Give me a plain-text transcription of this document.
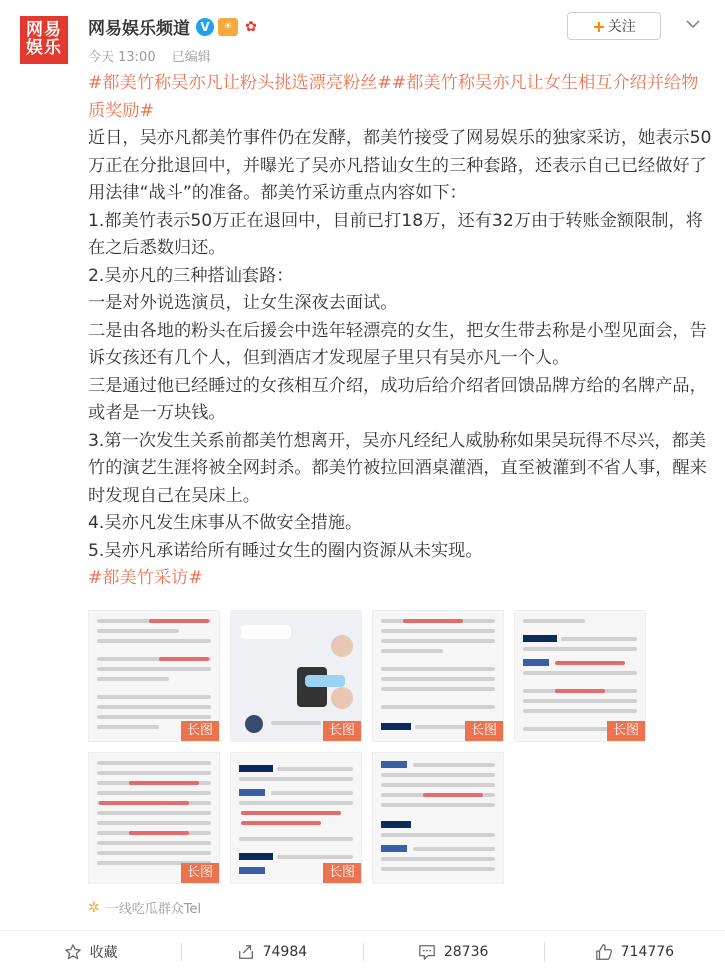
网易
娱乐
网易娱乐频道 V	☀ ✿
今天 13:00 已编辑
+ 关注

#都美竹称吴亦凡让粉头挑选漂亮粉丝##都美竹称吴亦凡让女生相互介绍并给物质奖励#

近日，吴亦凡都美竹事件仍在发酵，都美竹接受了网易娱乐的独家采访，她表示50万正在分批退回中，并曝光了吴亦凡搭讪女生的三种套路，还表示自己已经做好了用法律“战斗”的准备。都美竹采访重点内容如下：

1.都美竹表示50万正在退回中，目前已打18万，还有32万由于转账金额限制，将在之后悉数归还。

2.吴亦凡的三种搭讪套路：

一是对外说选演员，让女生深夜去面试。

二是由各地的粉头在后援会中选年轻漂亮的女生，把女生带去称是小型见面会，告诉女孩还有几个人，但到酒店才发现屋子里只有吴亦凡一个人。

三是通过他已经睡过的女孩相互介绍，成功后给介绍者回馈品牌方给的名牌产品，或者是一万块钱。

3.第一次发生关系前都美竹想离开，吴亦凡经纪人威胁称如果吴玩得不尽兴，都美竹的演艺生涯将被全网封杀。都美竹被拉回酒桌灌酒，直至被灌到不省人事，醒来时发现自己在吴床上。

4.吴亦凡发生床事从不做安全措施。

5.吴亦凡承诺给所有睡过女生的圈内资源从未实现。

#都美竹采访#

长图	长图	长图	长图
长图	长图
✲ 一线吃瓜群众Tel
收藏	74984	28736	714776
